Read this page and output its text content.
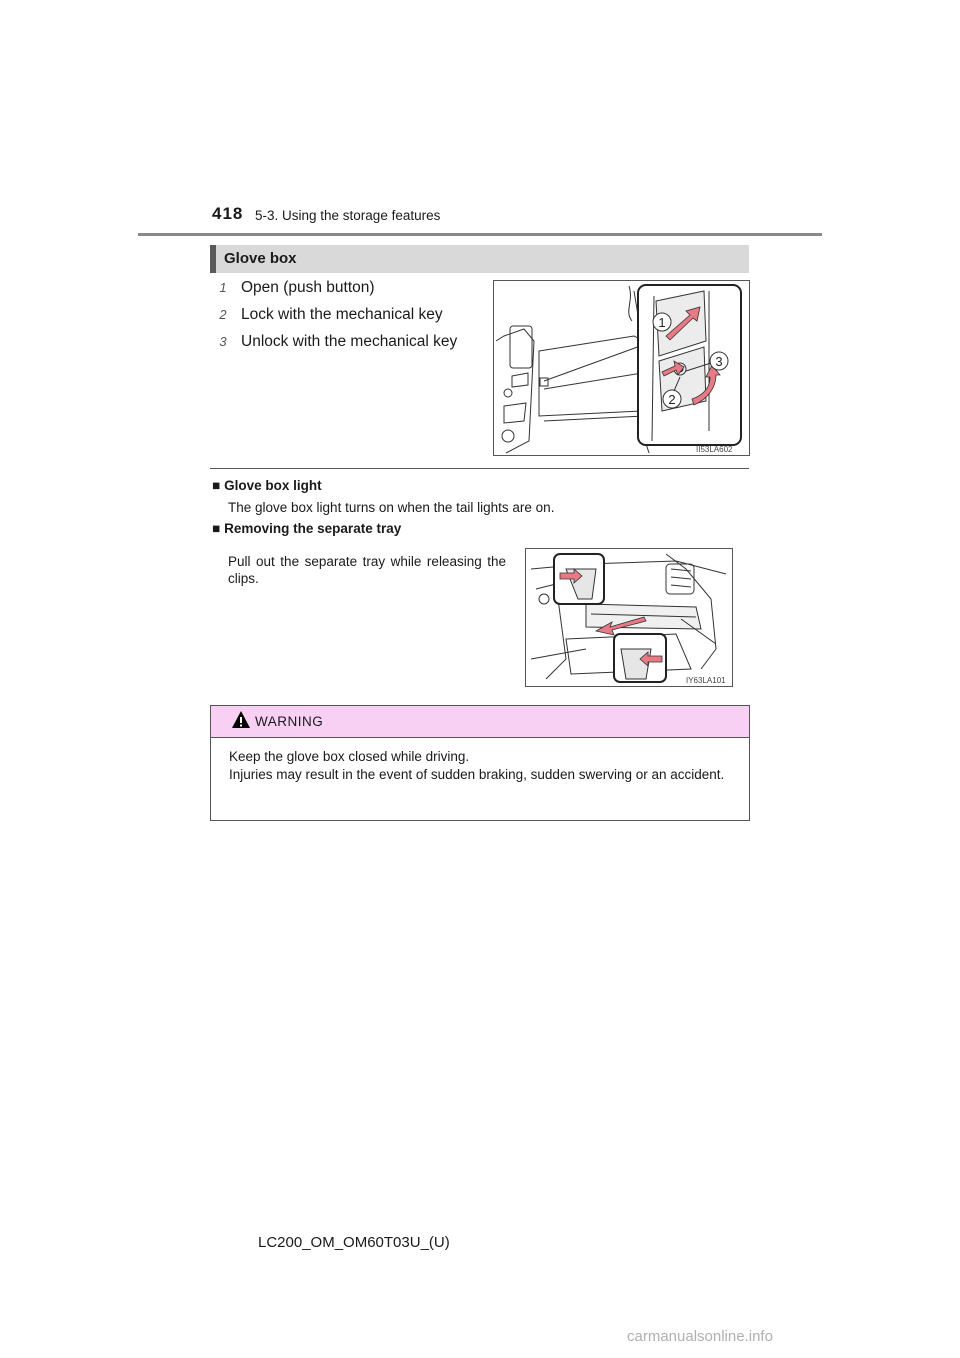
418 5-3. Using the storage features
Glove box
1 Open (push button)
2 Lock with the mechanical key
3 Unlock with the mechanical key
1
3
2
II53LA602
■ Glove box light
The glove box light turns on when the tail lights are on.
■ Removing the separate tray
Pull out the separate tray while releasing the clips.
IY63LA101
WARNING
Keep the glove box closed while driving.
Injuries may result in the event of sudden braking, sudden swerving or an accident.
LC200_OM_OM60T03U_(U)
carmanualsonline.info
